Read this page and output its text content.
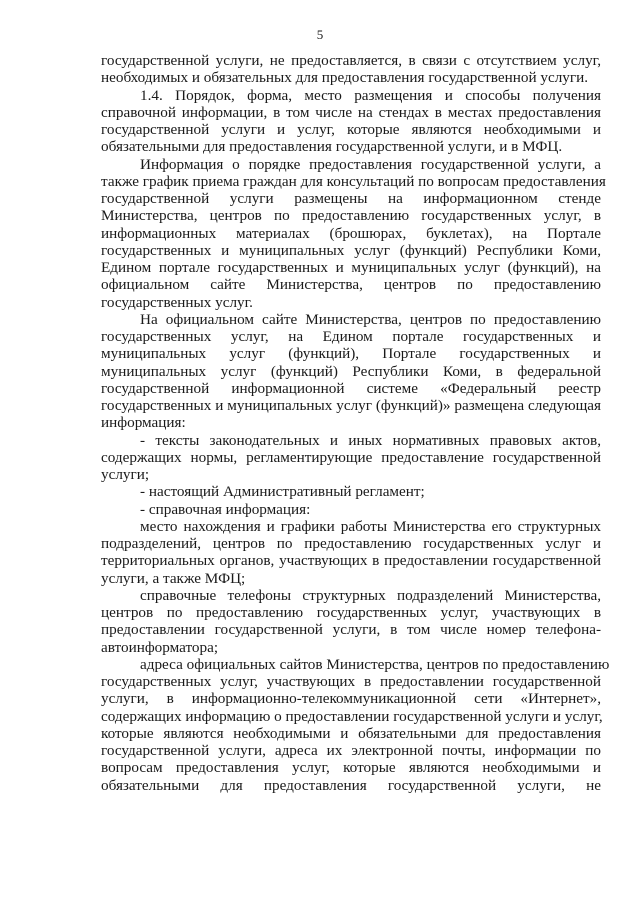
5
государственной услуги, не предоставляется, в связи с отсутствием услуг,
необходимых и обязательных для предоставления государственной услуги.
1.4. Порядок, форма, место размещения и способы получения
справочной информации, в том числе на стендах в местах предоставления
государственной услуги и услуг, которые являются необходимыми и
обязательными для предоставления государственной услуги, и в МФЦ.
Информация о порядке предоставления государственной услуги, а
также график приема граждан для консультаций по вопросам предоставления
государственной услуги размещены на информационном стенде
Министерства, центров по предоставлению государственных услуг, в
информационных материалах (брошюрах, буклетах), на Портале
государственных и муниципальных услуг (функций) Республики Коми,
Едином портале государственных и муниципальных услуг (функций), на
официальном сайте Министерства, центров по предоставлению
государственных услуг.
На официальном сайте Министерства, центров по предоставлению
государственных услуг, на Едином портале государственных и
муниципальных услуг (функций), Портале государственных и
муниципальных услуг (функций) Республики Коми, в федеральной
государственной информационной системе «Федеральный реестр
государственных и муниципальных услуг (функций)» размещена следующая
информация:
- тексты законодательных и иных нормативных правовых актов,
содержащих нормы, регламентирующие предоставление государственной
услуги;
- настоящий Административный регламент;
- справочная информация:
место нахождения и графики работы Министерства его структурных
подразделений, центров по предоставлению государственных услуг и
территориальных органов, участвующих в предоставлении государственной
услуги, а также МФЦ;
справочные телефоны структурных подразделений Министерства,
центров по предоставлению государственных услуг, участвующих в
предоставлении государственной услуги, в том числе номер телефона-
автоинформатора;
адреса официальных сайтов Министерства, центров по предоставлению
государственных услуг, участвующих в предоставлении государственной
услуги, в информационно-телекоммуникационной сети «Интернет»,
содержащих информацию о предоставлении государственной услуги и услуг,
которые являются необходимыми и обязательными для предоставления
государственной услуги, адреса их электронной почты, информации по
вопросам предоставления услуг, которые являются необходимыми и
обязательными для предоставления государственной услуги, не
